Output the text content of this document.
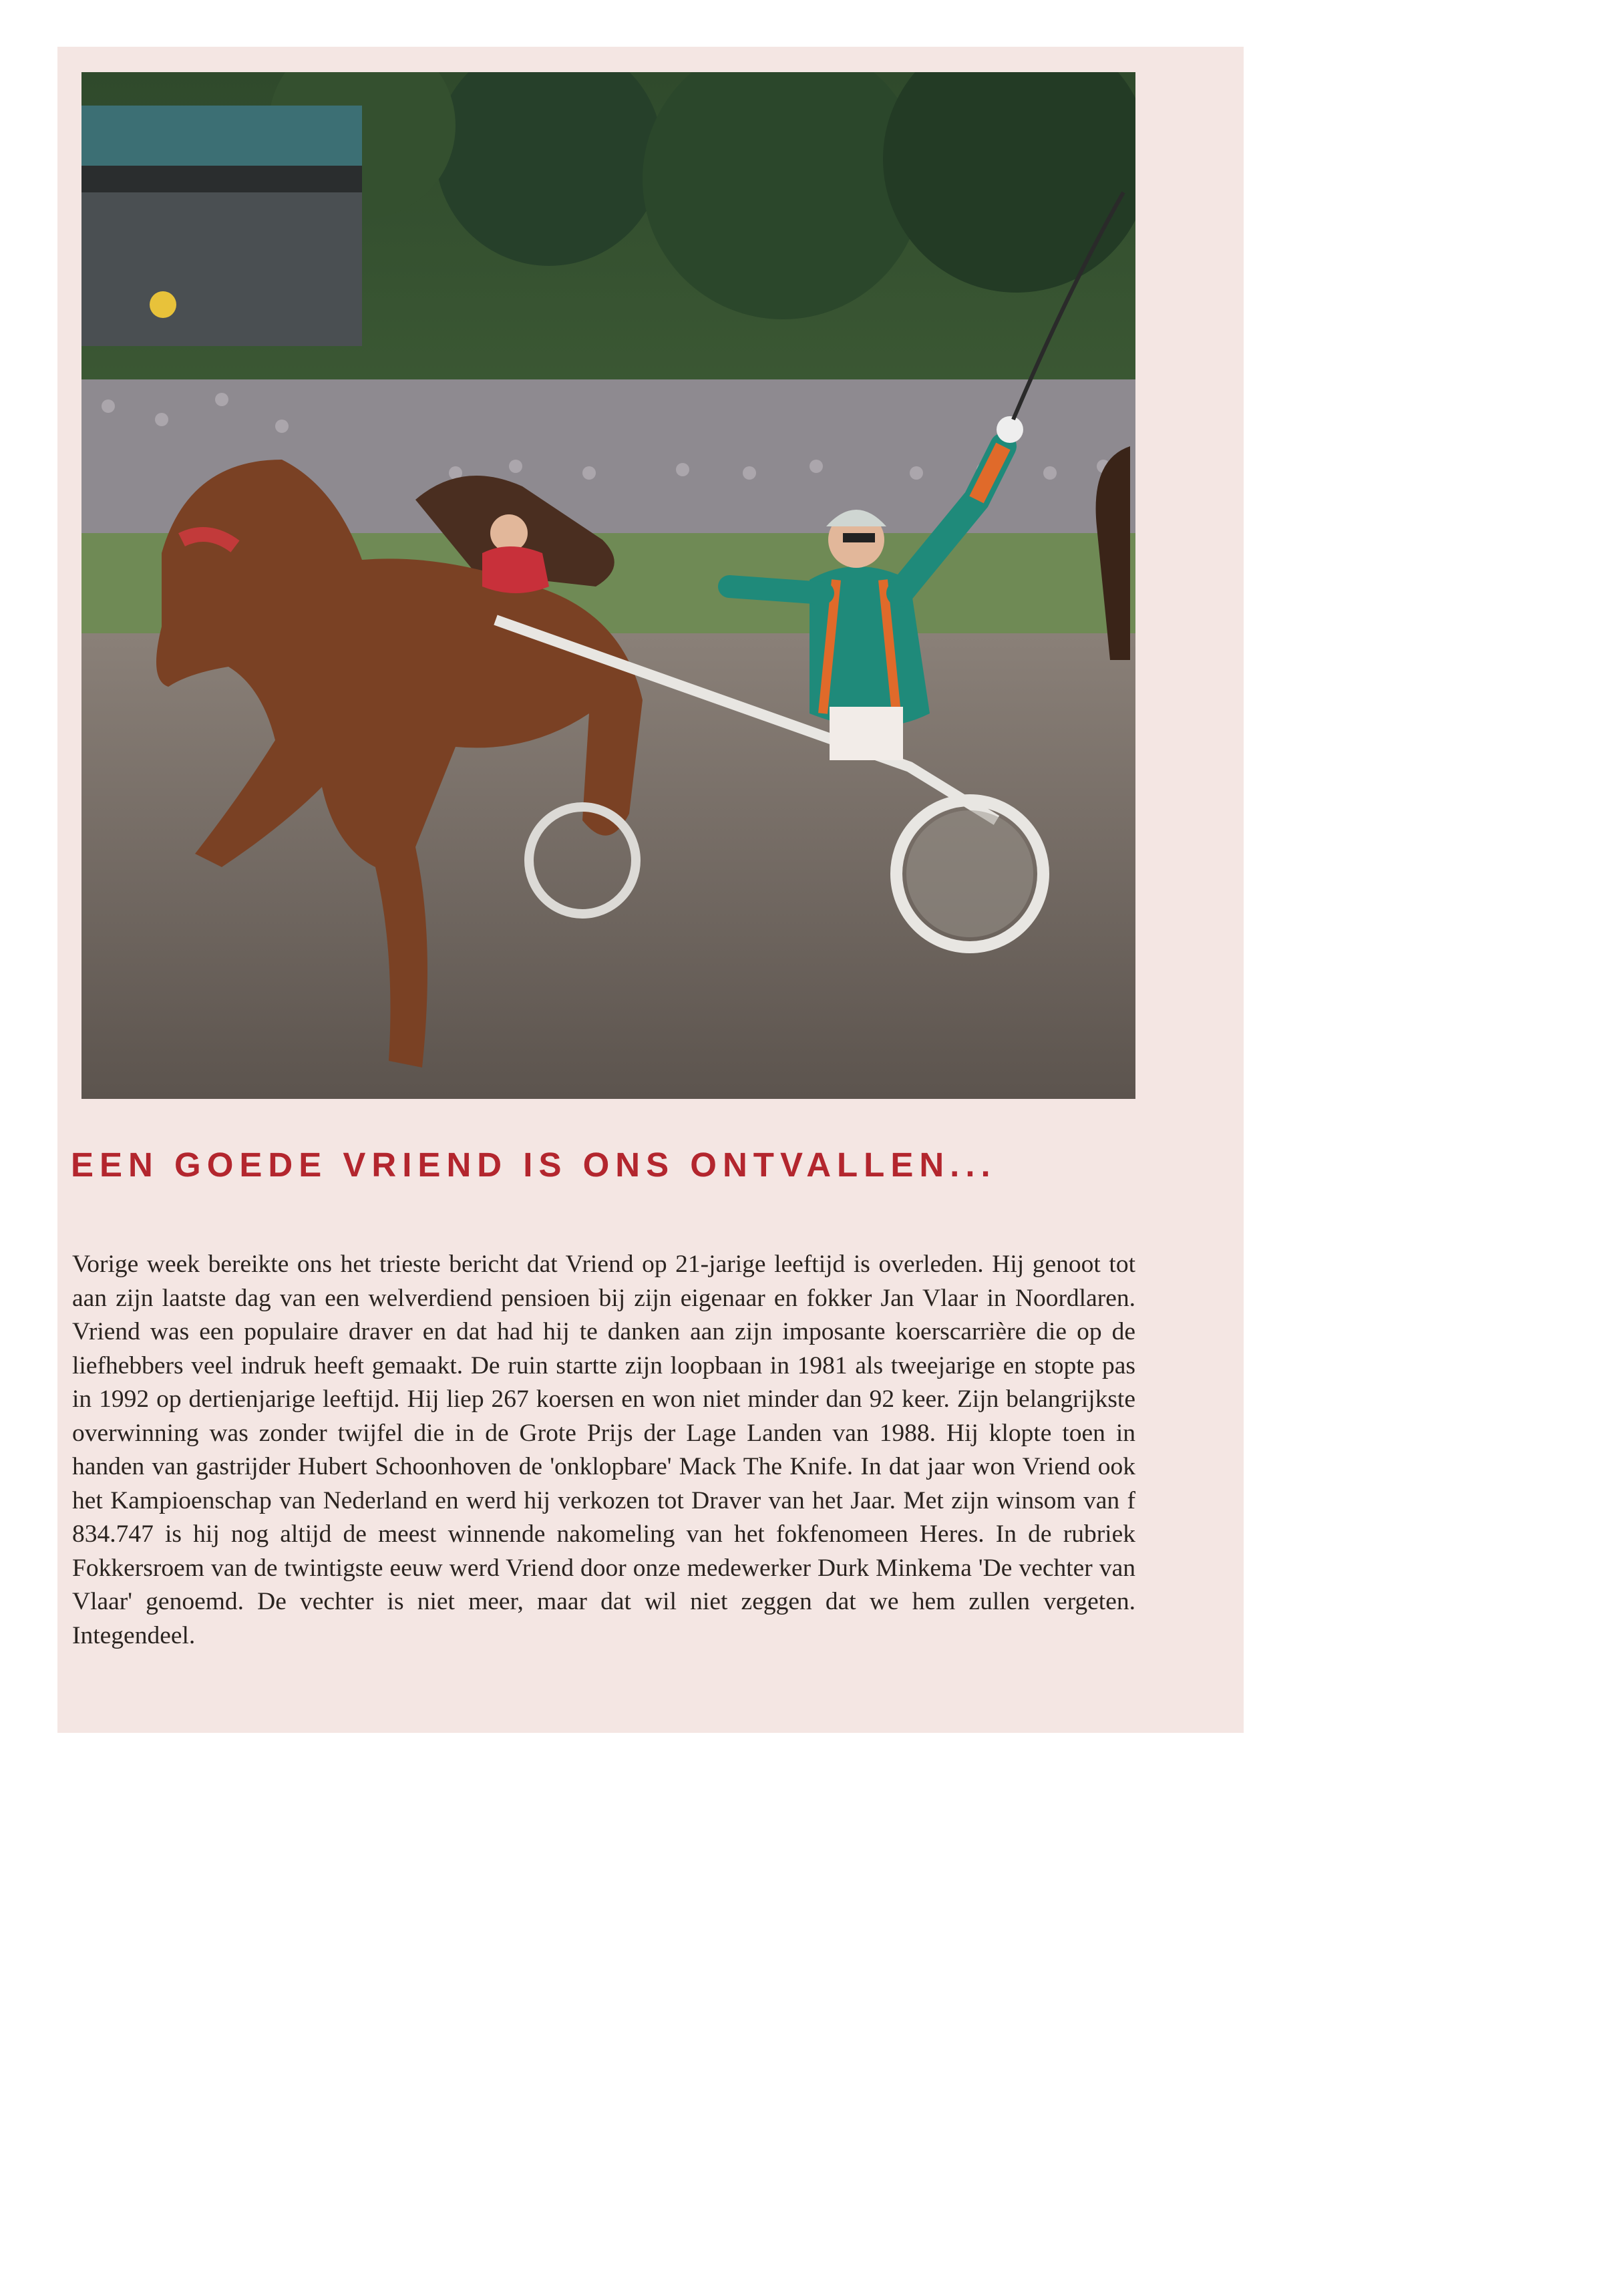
EEN GOEDE VRIEND IS ONS ONTVALLEN...

Vorige week bereikte ons het trieste bericht dat Vriend op 21-jarige leeftijd is overleden. Hij genoot tot aan zijn laatste dag van een welverdiend pensioen bij zijn eigenaar en fokker Jan Vlaar in Noordlaren. Vriend was een populaire draver en dat had hij te danken aan zijn imposante koerscarrière die op de liefhebbers veel indruk heeft gemaakt. De ruin startte zijn loopbaan in 1981 als tweejarige en stopte pas in 1992 op dertienjarige leeftijd. Hij liep 267 koersen en won niet minder dan 92 keer. Zijn belangrijkste overwinning was zonder twijfel die in de Grote Prijs der Lage Landen van 1988. Hij klopte toen in handen van gastrijder Hubert Schoonhoven de 'onklopbare' Mack The Knife. In dat jaar won Vriend ook het Kampioenschap van Nederland en werd hij verkozen tot Draver van het Jaar. Met zijn winsom van f 834.747 is hij nog altijd de meest winnende nakomeling van het fokfenomeen Heres. In de rubriek Fokkersroem van de twintigste eeuw werd Vriend door onze medewerker Durk Minkema 'De vechter van Vlaar' genoemd. De vechter is niet meer, maar dat wil niet zeggen dat we hem zullen vergeten. Integendeel.
